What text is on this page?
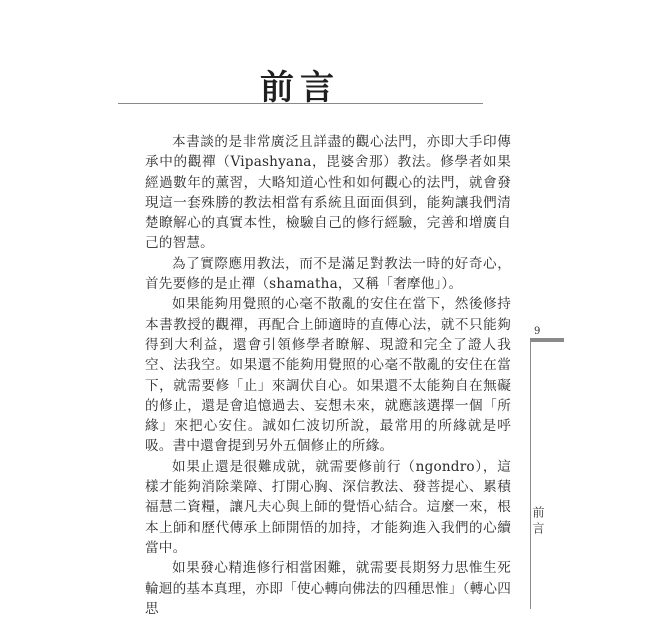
前言

本書談的是非常廣泛且詳盡的觀心法門，亦即大手印傳承中的觀禪（Vipashyana，毘婆舍那）教法。修學者如果經過數年的薰習，大略知道心性和如何觀心的法門，就會發現這一套殊勝的教法相當有系統且面面俱到，能夠讓我們清楚瞭解心的真實本性，檢驗自己的修行經驗，完善和增廣自己的智慧。

為了實際應用教法，而不是滿足對教法一時的好奇心，首先要修的是止禪（shamatha，又稱「奢摩他」）。

如果能夠用覺照的心毫不散亂的安住在當下，然後修持本書教授的觀禪，再配合上師適時的直傳心法，就不只能夠得到大利益，還會引領修學者瞭解、現證和完全了證人我空、法我空。如果還不能夠用覺照的心毫不散亂的安住在當下，就需要修「止」來調伏自心。如果還不太能夠自在無礙的修止，還是會追憶過去、妄想未來，就應該選擇一個「所緣」來把心安住。誠如仁波切所說，最常用的所緣就是呼吸。書中還會提到另外五個修止的所緣。

如果止還是很難成就，就需要修前行（ngondro），這樣才能夠消除業障、打開心胸、深信教法、發菩提心、累積福慧二資糧，讓凡夫心與上師的覺悟心結合。這麼一來，根本上師和歷代傳承上師開悟的加持，才能夠進入我們的心續當中。

如果發心精進修行相當困難，就需要長期努力思惟生死輪迴的基本真理，亦即「使心轉向佛法的四種思惟」（轉心四思

9
前言
